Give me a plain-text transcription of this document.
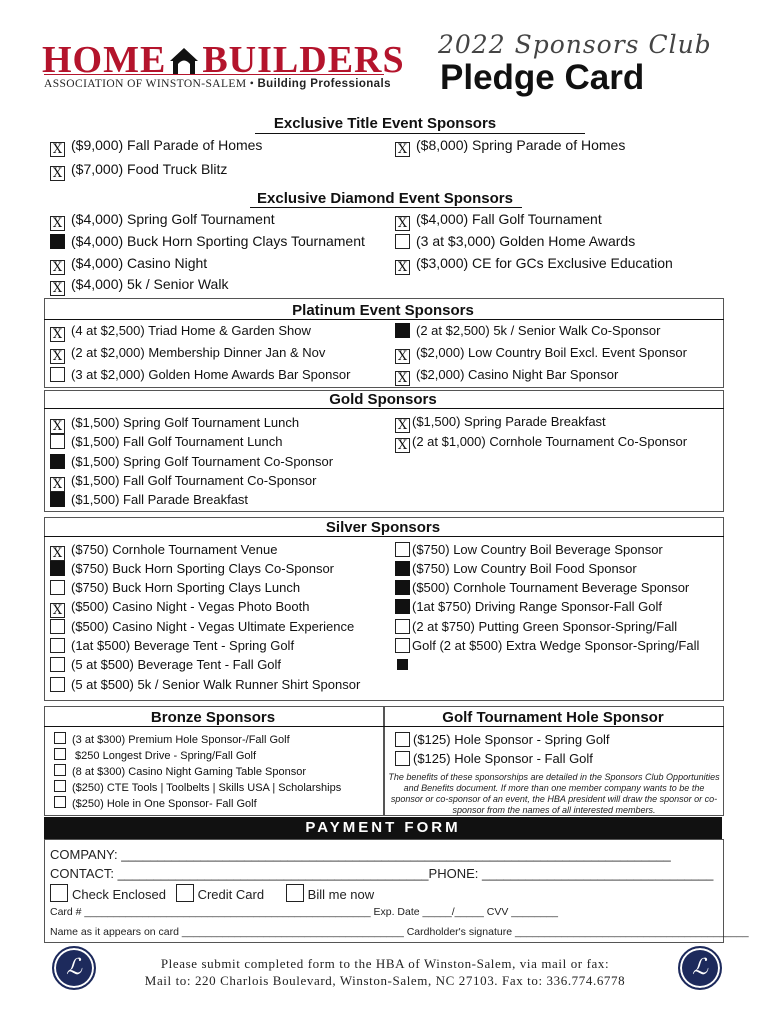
HOME BUILDERS
ASSOCIATION OF WINSTON-SALEM • Building Professionals
2022 Sponsors Club
Pledge Card
Exclusive Title Event Sponsors
X ($9,000) Fall Parade of Homes
X ($7,000) Food Truck Blitz
X ($8,000) Spring Parade of Homes
Exclusive Diamond Event Sponsors
X ($4,000) Spring Golf Tournament
($4,000) Buck Horn Sporting Clays Tournament
X ($4,000) Casino Night
X ($4,000) 5k / Senior Walk
X ($4,000) Fall Golf Tournament
(3 at $3,000) Golden Home Awards
X ($3,000) CE for GCs Exclusive Education
Platinum Event Sponsors
X (4 at $2,500) Triad Home & Garden Show
X (2 at $2,000) Membership Dinner Jan & Nov
(3 at $2,000) Golden Home Awards Bar Sponsor
(2 at $2,500) 5k / Senior Walk Co-Sponsor
X ($2,000) Low Country Boil Excl. Event Sponsor
X ($2,000) Casino Night Bar Sponsor
Gold Sponsors
X ($1,500) Spring Golf Tournament Lunch
($1,500) Fall Golf Tournament Lunch
($1,500) Spring Golf Tournament Co-Sponsor
X ($1,500) Fall Golf Tournament Co-Sponsor
($1,500) Fall Parade Breakfast
X ($1,500) Spring Parade Breakfast
X (2 at $1,000) Cornhole Tournament Co-Sponsor
Silver Sponsors
X ($750) Cornhole Tournament Venue
($750) Buck Horn Sporting Clays Co-Sponsor
($750) Buck Horn Sporting Clays Lunch
X ($500) Casino Night - Vegas Photo Booth
($500) Casino Night - Vegas Ultimate Experience
(1at $500) Beverage Tent - Spring Golf
(5 at $500) Beverage Tent - Fall Golf
(5 at $500) 5k / Senior Walk Runner Shirt Sponsor
($750) Low Country Boil Beverage Sponsor
($750) Low Country Boil Food Sponsor
($500) Cornhole Tournament Beverage Sponsor
(1at $750) Driving Range Sponsor-Fall Golf
(2 at $750) Putting Green Sponsor-Spring/Fall
Golf (2 at $500) Extra Wedge Sponsor-Spring/Fall
Bronze Sponsors
(3 at $300) Premium Hole Sponsor-/Fall Golf
$250 Longest Drive - Spring/Fall Golf
(8 at $300) Casino Night Gaming Table Sponsor
($250) CTE Tools | Toolbelts | Skills USA | Scholarships
($250) Hole in One Sponsor- Fall Golf
Golf Tournament Hole Sponsor
($125) Hole Sponsor - Spring Golf
($125) Hole Sponsor - Fall Golf
The benefits of these sponsorships are detailed in the Sponsors Club Opportunities and Benefits document. If more than one member company wants to be the sponsor or co-sponsor of an event, the HBA president will draw the sponsor or co-sponsor from the names of all interested members.
PAYMENT FORM
COMPANY: ____________________________________________________________________________
CONTACT: ___________________________________________PHONE: ________________________________
Check Enclosed Credit Card	Bill me now
Card # _________________________________________________ Exp. Date _____/_____ CVV ________
Name as it appears on card ______________________________________ Cardholder's signature ________________________________________
ℒ	ℒ
Please submit completed form to the HBA of Winston-Salem, via mail or fax:
Mail to: 220 Charlois Boulevard, Winston-Salem, NC 27103. Fax to: 336.774.6778
